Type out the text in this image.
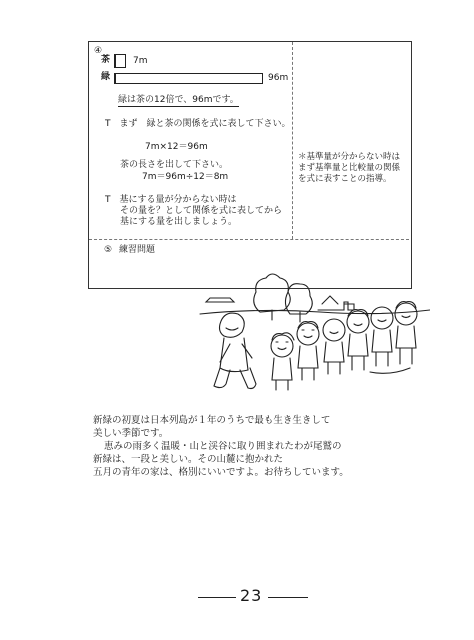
④
茶	7m
緑	96m
緑は茶の12倍で、96mです。
T　まず　緑と茶の関係を式に表して下さい。
7m×12＝96m
茶の長さを出して下さい。
7m＝96m÷12＝8m
T　基にする量が分からない時は
その量を？として関係を式に表してから
基にする量を出しましょう。
＊基準量が分からない時は
まず基準量と比較量の関係
を式に表すことの指導。
⑤ 練習問題
新緑の初夏は日本列島が１年のうちで最も生き生きして
美しい季節です。
恵みの雨多く温暖・山と渓谷に取り囲まれたわが尾鷲の
新緑は、一段と美しい。その山麓に抱かれた
五月の青年の家は、格別にいいですよ。お待ちしています。
23
